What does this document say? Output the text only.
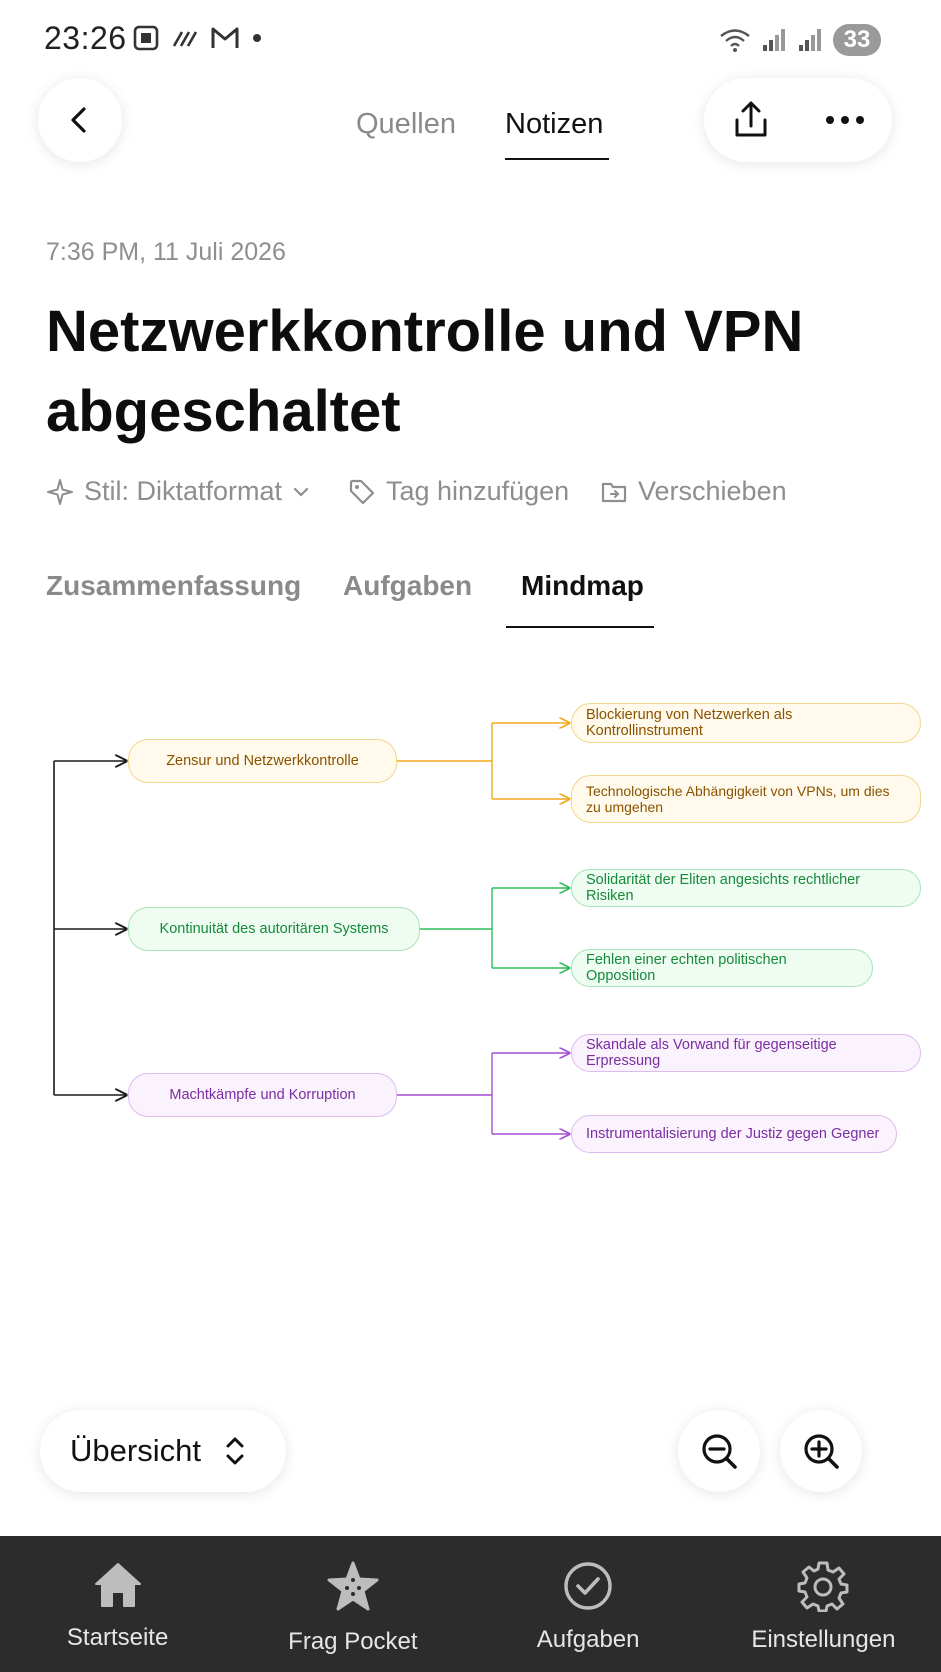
23:26	33
Quellen Notizen
7:36 PM, 11 Juli 2026
Netzwerkkontrolle und VPN abgeschaltet
Stil: Diktatformat	Tag hinzufügen	Verschieben
Zusammenfassung Aufgaben Mindmap
Zensur und Netzwerkkontrolle
Blockierung von Netzwerken als Kontrollinstrument
Technologische Abhängigkeit von VPNs, um dies zu umgehen
Kontinuität des autoritären Systems
Solidarität der Eliten angesichts rechtlicher Risiken
Fehlen einer echten politischen Opposition
Machtkämpfe und Korruption
Skandale als Vorwand für gegenseitige Erpressung
Instrumentalisierung der Justiz gegen Gegner
Übersicht
Startseite	Frag Pocket	Aufgaben	Einstellungen
